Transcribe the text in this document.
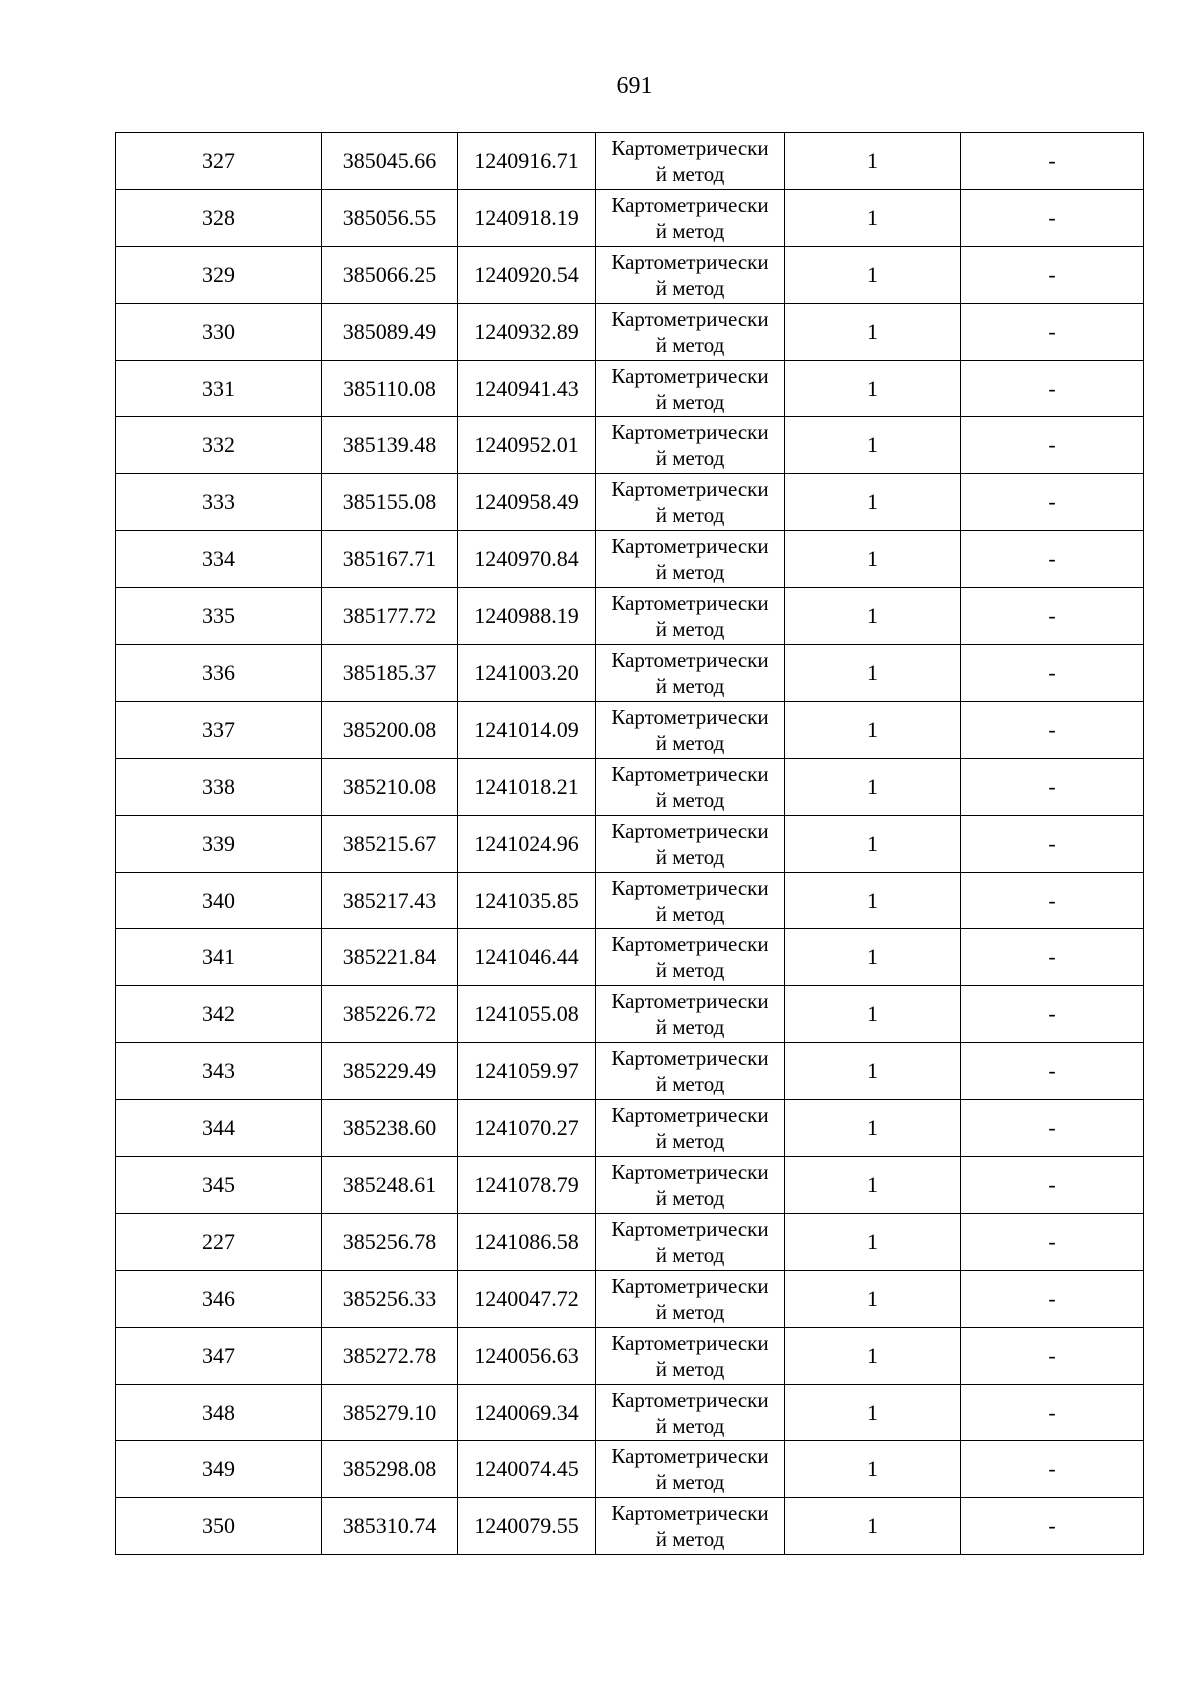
691
327	385045.66	1240916.71	Картометрически
й метод	1	-
328	385056.55	1240918.19	Картометрически
й метод	1	-
329	385066.25	1240920.54	Картометрически
й метод	1	-
330	385089.49	1240932.89	Картометрически
й метод	1	-
331	385110.08	1240941.43	Картометрически
й метод	1	-
332	385139.48	1240952.01	Картометрически
й метод	1	-
333	385155.08	1240958.49	Картометрически
й метод	1	-
334	385167.71	1240970.84	Картометрически
й метод	1	-
335	385177.72	1240988.19	Картометрически
й метод	1	-
336	385185.37	1241003.20	Картометрически
й метод	1	-
337	385200.08	1241014.09	Картометрически
й метод	1	-
338	385210.08	1241018.21	Картометрически
й метод	1	-
339	385215.67	1241024.96	Картометрически
й метод	1	-
340	385217.43	1241035.85	Картометрически
й метод	1	-
341	385221.84	1241046.44	Картометрически
й метод	1	-
342	385226.72	1241055.08	Картометрически
й метод	1	-
343	385229.49	1241059.97	Картометрически
й метод	1	-
344	385238.60	1241070.27	Картометрически
й метод	1	-
345	385248.61	1241078.79	Картометрически
й метод	1	-
227	385256.78	1241086.58	Картометрически
й метод	1	-
346	385256.33	1240047.72	Картометрически
й метод	1	-
347	385272.78	1240056.63	Картометрически
й метод	1	-
348	385279.10	1240069.34	Картометрически
й метод	1	-
349	385298.08	1240074.45	Картометрически
й метод	1	-
350	385310.74	1240079.55	Картометрически
й метод	1	-
